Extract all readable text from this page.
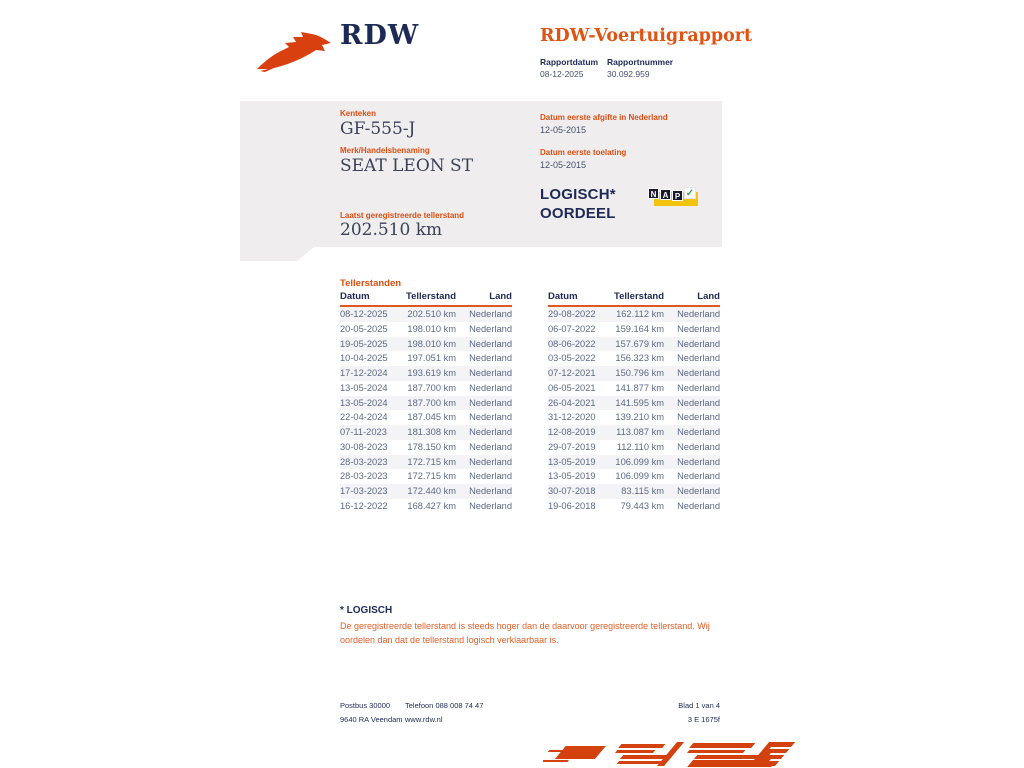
RDW	RDW-Voertuigrapport
Rapportdatum
08-12-2025
Rapportnummer
30.092.959
Kenteken
GF-555-J
Merk/Handelsbenaming
SEAT LEON ST
Laatst geregistreerde tellerstand
202.510 km
Datum eerste afgifte in Nederland
12-05-2015
Datum eerste toelating
12-05-2015
LOGISCH*
OORDEEL
N A P ✓
Tellerstanden
Datum	Tellerstand	Land
08-12-2025	202.510 km	Nederland
20-05-2025	198.010 km	Nederland
19-05-2025	198.010 km	Nederland
10-04-2025	197.051 km	Nederland
17-12-2024	193.619 km	Nederland
13-05-2024	187.700 km	Nederland
13-05-2024	187.700 km	Nederland
22-04-2024	187.045 km	Nederland
07-11-2023	181.308 km	Nederland
30-08-2023	178.150 km	Nederland
28-03-2023	172.715 km	Nederland
28-03-2023	172.715 km	Nederland
17-03-2023	172.440 km	Nederland
16-12-2022	168.427 km	Nederland
Datum	Tellerstand	Land
29-08-2022	162.112 km	Nederland
06-07-2022	159.164 km	Nederland
08-06-2022	157.679 km	Nederland
03-05-2022	156.323 km	Nederland
07-12-2021	150.796 km	Nederland
06-05-2021	141.877 km	Nederland
26-04-2021	141.595 km	Nederland
31-12-2020	139.210 km	Nederland
12-08-2019	113.087 km	Nederland
29-07-2019	112.110 km	Nederland
13-05-2019	106.099 km	Nederland
13-05-2019	106.099 km	Nederland
30-07-2018	83.115 km	Nederland
19-06-2018	79.443 km	Nederland
* LOGISCH
De geregistreerde tellerstand is steeds hoger dan de daarvoor geregistreerde tellerstand. Wij oordelen dan dat de tellerstand logisch verklaarbaar is.
Postbus 30000
9640 RA Veendam
Telefoon 088 008 74 47
www.rdw.nl
Blad 1 van 4
3 E 1675f
